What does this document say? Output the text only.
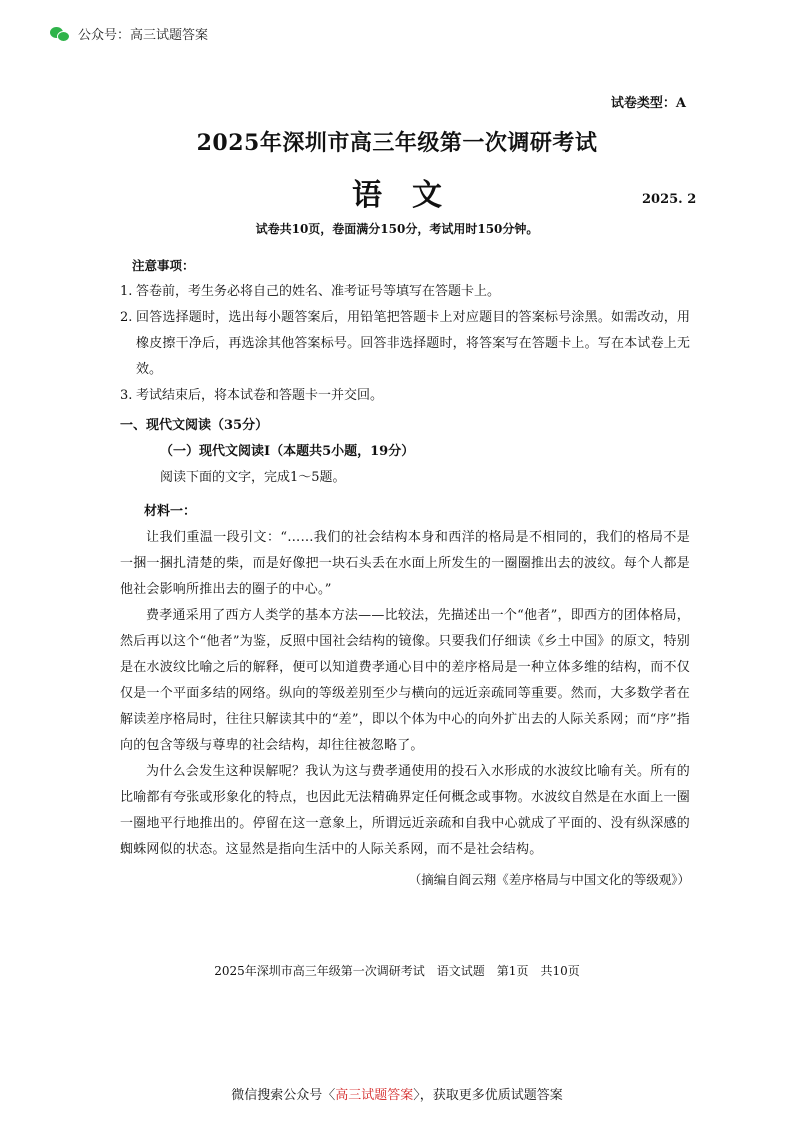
公众号：高三试题答案
试卷类型：A
2025年深圳市高三年级第一次调研考试
语文	2025. 2
试卷共10页，卷面满分150分，考试用时150分钟。
注意事项：
1. 答卷前，考生务必将自己的姓名、准考证号等填写在答题卡上。
2. 回答选择题时，选出每小题答案后，用铅笔把答题卡上对应题目的答案标号涂黑。如需改动，用橡皮擦干净后，再选涂其他答案标号。回答非选择题时，将答案写在答题卡上。写在本试卷上无效。
3. 考试结束后，将本试卷和答题卡一并交回。
一、现代文阅读（35分）
（一）现代文阅读Ⅰ（本题共5小题，19分）
阅读下面的文字，完成1～5题。
材料一：

让我们重温一段引文：“……我们的社会结构本身和西洋的格局是不相同的，我们的格局不是一捆一捆扎清楚的柴，而是好像把一块石头丢在水面上所发生的一圈圈推出去的波纹。每个人都是他社会影响所推出去的圈子的中心。”

费孝通采用了西方人类学的基本方法——比较法，先描述出一个“他者”，即西方的团体格局，然后再以这个“他者”为鉴，反照中国社会结构的镜像。只要我们仔细读《乡土中国》的原文，特别是在水波纹比喻之后的解释，便可以知道费孝通心目中的差序格局是一种立体多维的结构，而不仅仅是一个平面多结的网络。纵向的等级差别至少与横向的远近亲疏同等重要。然而，大多数学者在解读差序格局时，往往只解读其中的“差”，即以个体为中心的向外扩出去的人际关系网；而“序”指向的包含等级与尊卑的社会结构，却往往被忽略了。

为什么会发生这种误解呢？我认为这与费孝通使用的投石入水形成的水波纹比喻有关。所有的比喻都有夸张或形象化的特点，也因此无法精确界定任何概念或事物。水波纹自然是在水面上一圈一圈地平行地推出的。停留在这一意象上，所谓远近亲疏和自我中心就成了平面的、没有纵深感的蜘蛛网似的状态。这显然是指向生活中的人际关系网，而不是社会结构。

（摘编自阎云翔《差序格局与中国文化的等级观》）
2025年深圳市高三年级第一次调研考试　语文试题　第1页　共10页
微信搜索公众号〈高三试题答案〉，获取更多优质试题答案
